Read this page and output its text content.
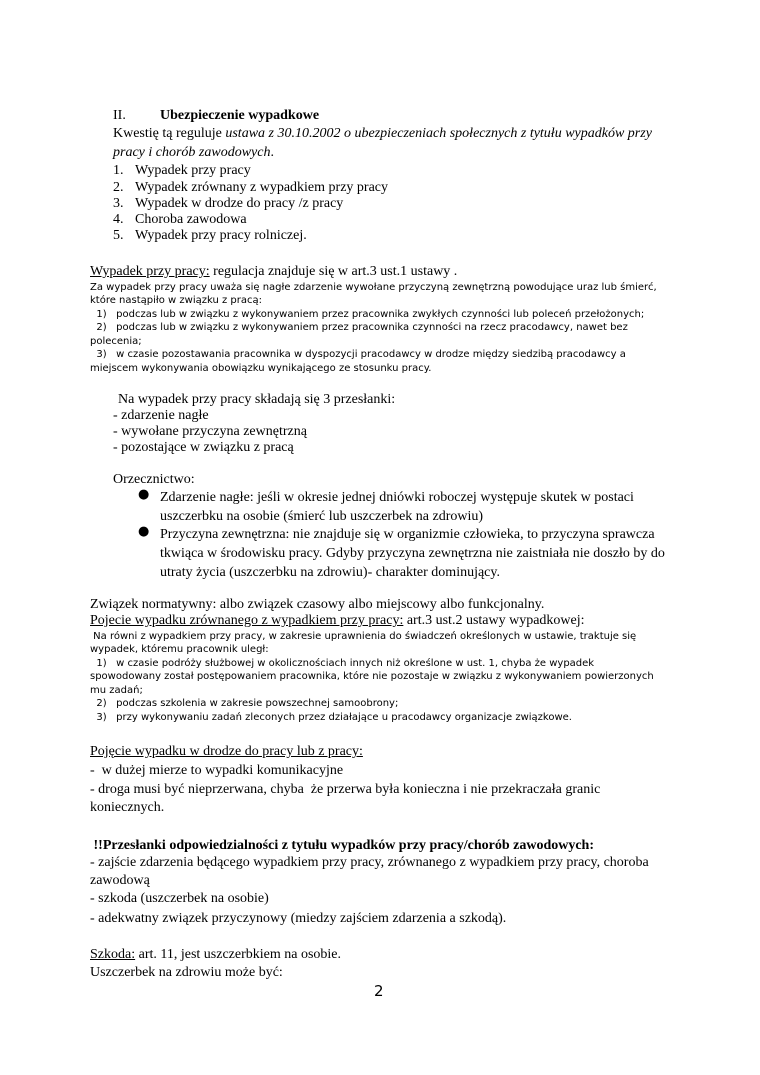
II. Ubezpieczenie wypadkowe
Kwestię tą reguluje ustawa z 30.10.2002 o ubezpieczeniach społecznych z tytułu wypadków przy
pracy i chorób zawodowych.
1. Wypadek przy pracy
2. Wypadek zrównany z wypadkiem przy pracy
3. Wypadek w drodze do pracy /z pracy
4. Choroba zawodowa
5. Wypadek przy pracy rolniczej.
Wypadek przy pracy: regulacja znajduje się w art.3 ust.1 ustawy .
Za wypadek przy pracy uważa się nagłe zdarzenie wywołane przyczyną zewnętrzną powodujące uraz lub śmierć,
które nastąpiło w związku z pracą:
1)   podczas lub w związku z wykonywaniem przez pracownika zwykłych czynności lub poleceń przełożonych;
2)   podczas lub w związku z wykonywaniem przez pracownika czynności na rzecz pracodawcy, nawet bez
polecenia;
3)   w czasie pozostawania pracownika w dyspozycji pracodawcy w drodze między siedzibą pracodawcy a
miejscem wykonywania obowiązku wynikającego ze stosunku pracy.
Na wypadek przy pracy składają się 3 przesłanki:
- zdarzenie nagłe
- wywołane przyczyna zewnętrzną
- pozostające w związku z pracą
Orzecznictwo:
● Zdarzenie nagłe: jeśli w okresie jednej dniówki roboczej występuje skutek w postaci
uszczerbku na osobie (śmierć lub uszczerbek na zdrowiu)
● Przyczyna zewnętrzna: nie znajduje się w organizmie człowieka, to przyczyna sprawcza
tkwiąca w środowisku pracy. Gdyby przyczyna zewnętrzna nie zaistniała nie doszło by do
utraty życia (uszczerbku na zdrowiu)- charakter dominujący.
Związek normatywny: albo związek czasowy albo miejscowy albo funkcjonalny.
Pojecie wypadku zrównanego z wypadkiem przy pracy: art.3 ust.2 ustawy wypadkowej:
Na równi z wypadkiem przy pracy, w zakresie uprawnienia do świadczeń określonych w ustawie, traktuje się
wypadek, któremu pracownik uległ:
1)   w czasie podróży służbowej w okolicznościach innych niż określone w ust. 1, chyba że wypadek
spowodowany został postępowaniem pracownika, które nie pozostaje w związku z wykonywaniem powierzonych
mu zadań;
2)   podczas szkolenia w zakresie powszechnej samoobrony;
3)   przy wykonywaniu zadań zleconych przez działające u pracodawcy organizacje związkowe.
Pojęcie wypadku w drodze do pracy lub z pracy:
-  w dużej mierze to wypadki komunikacyjne
- droga musi być nieprzerwana, chyba  że przerwa była konieczna i nie przekraczała granic
koniecznych.
!!Przesłanki odpowiedzialności z tytułu wypadków przy pracy/chorób zawodowych:
- zajście zdarzenia będącego wypadkiem przy pracy, zrównanego z wypadkiem przy pracy, choroba
zawodową
- szkoda (uszczerbek na osobie)
- adekwatny związek przyczynowy (miedzy zajściem zdarzenia a szkodą).
Szkoda: art. 11, jest uszczerbkiem na osobie.
Uszczerbek na zdrowiu może być:
2
